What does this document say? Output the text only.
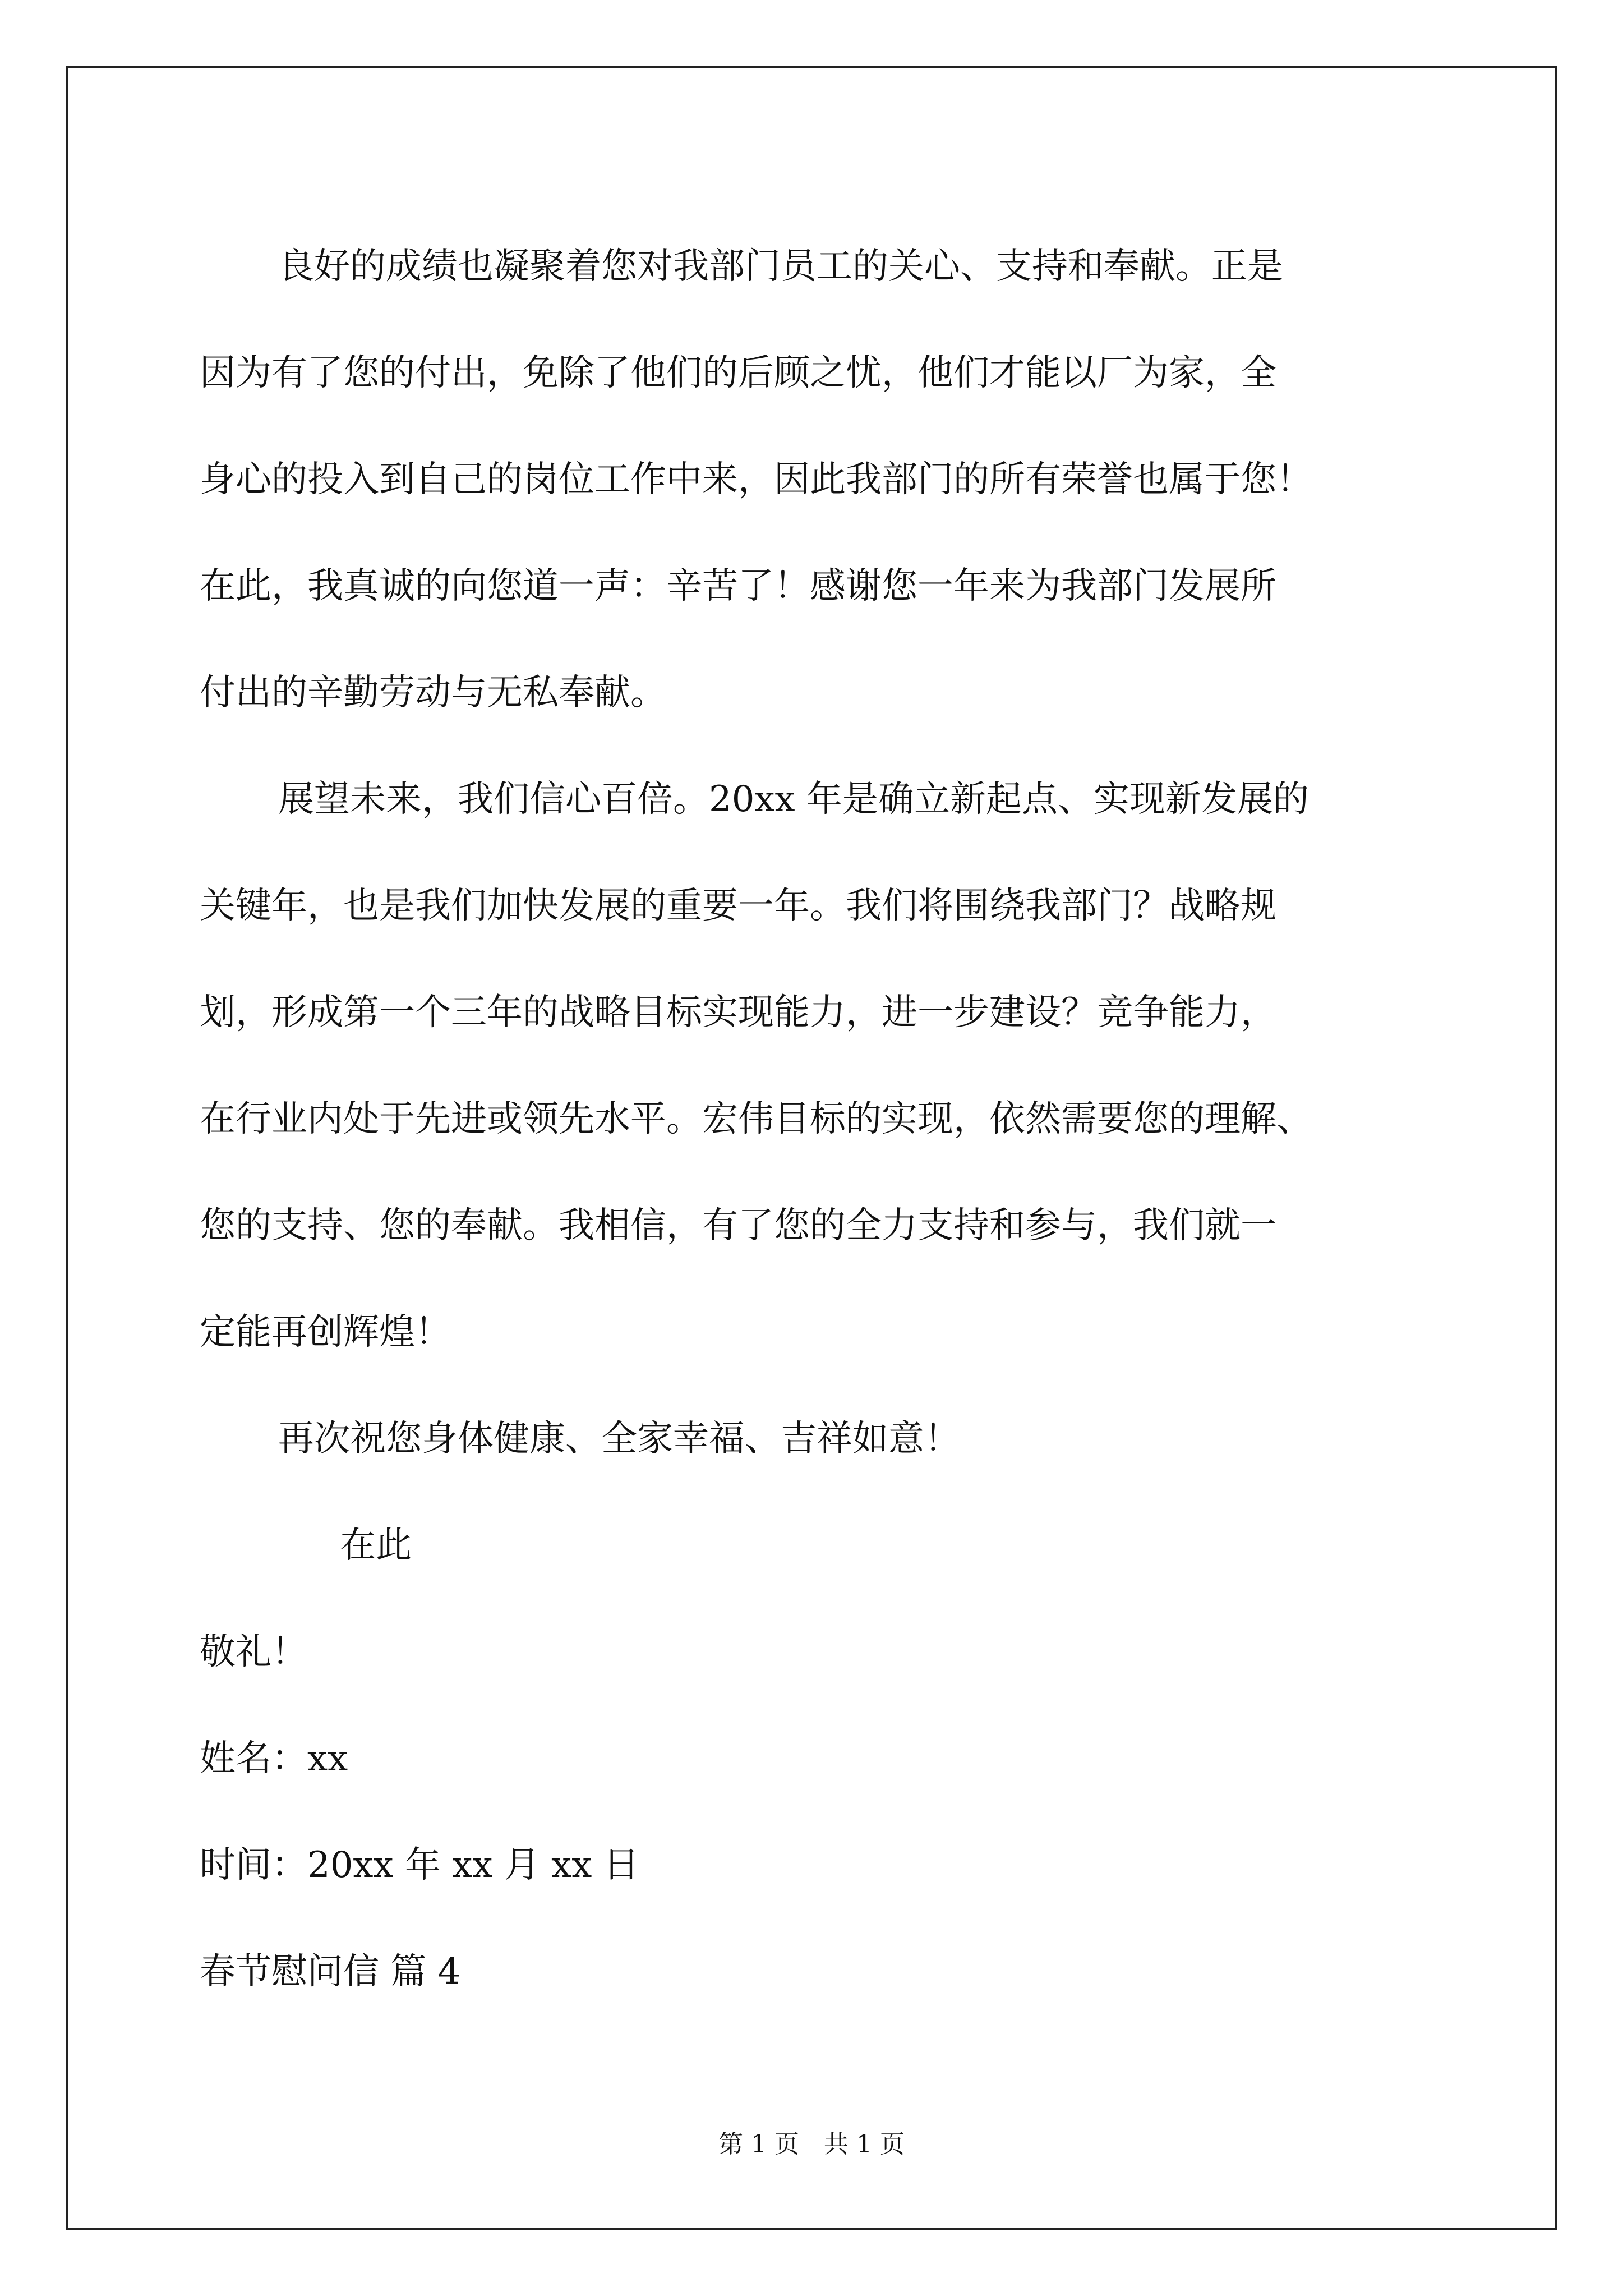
良好的成绩也凝聚着您对我部门员工的关心、支持和奉献。正是

因为有了您的付出，免除了他们的后顾之忧，他们才能以厂为家，全

身心的投入到自己的岗位工作中来，因此我部门的所有荣誉也属于您！

在此，我真诚的向您道一声：辛苦了！感谢您一年来为我部门发展所

付出的辛勤劳动与无私奉献。

展望未来，我们信心百倍。20xx 年是确立新起点、实现新发展的

关键年，也是我们加快发展的重要一年。我们将围绕我部门？战略规

划，形成第一个三年的战略目标实现能力，进一步建设？竞争能力，

在行业内处于先进或领先水平。宏伟目标的实现，依然需要您的理解、

您的支持、您的奉献。我相信，有了您的全力支持和参与，我们就一

定能再创辉煌！

再次祝您身体健康、全家幸福、吉祥如意！

在此

敬礼！

姓名：xx

时间：20xx 年 xx 月 xx 日

春节慰问信 篇 4

第 1 页　共 1 页
